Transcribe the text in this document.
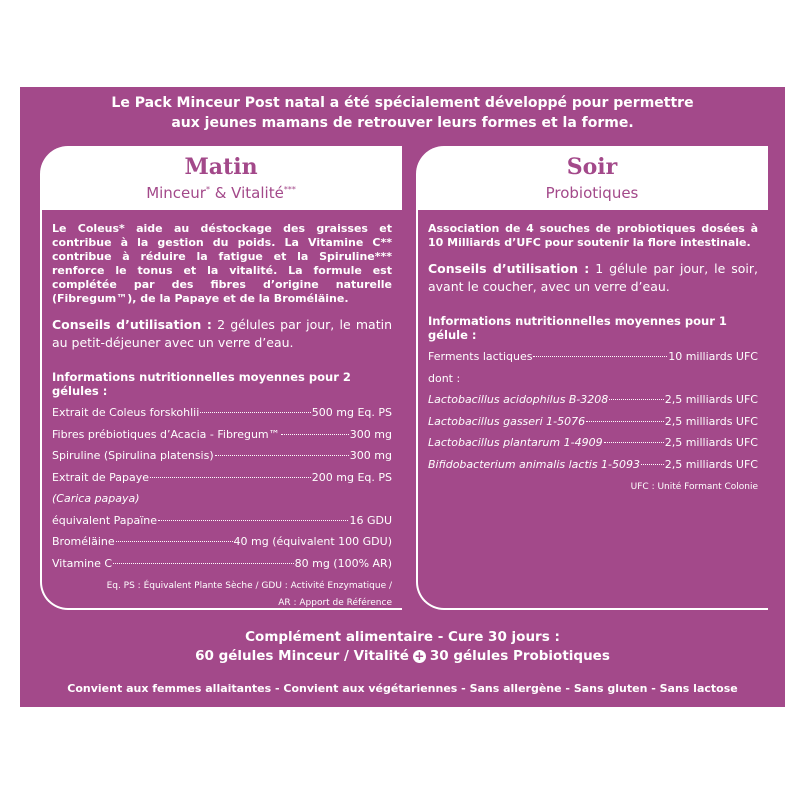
Le Pack Minceur Post natal a été spécialement développé pour permettre
aux jeunes mamans de retrouver leurs formes et la forme.
Matin
Minceur* & Vitalité***
Le Coleus* aide au déstockage des graisses et contribue à la gestion du poids. La Vitamine C** contribue à réduire la fatigue et la Spiruline*** renforce le tonus et la vitalité. La formule est complétée par des fibres d’origine naturelle (Fibregum™), de la Papaye et de la Broméläine.
Conseils d’utilisation : 2 gélules par jour, le matin au petit-déjeuner avec un verre d’eau.
Informations nutritionnelles moyennes pour 2 gélules :
Extrait de Coleus forskohlii	500 mg Eq. PS
Fibres prébiotiques d’Acacia - Fibregum™	300 mg
Spiruline (Spirulina platensis)	300 mg
Extrait de Papaye	200 mg Eq. PS
(Carica papaya)
équivalent Papaïne	16 GDU
Broméläine	40 mg (équivalent 100 GDU)
Vitamine C	80 mg (100% AR)
Eq. PS : Équivalent Plante Sèche / GDU : Activité Enzymatique /
AR : Apport de Référence
Soir
Probiotiques
Association de 4 souches de probiotiques dosées à 10 Milliards d’UFC pour soutenir la flore intestinale.
Conseils d’utilisation : 1 gélule par jour, le soir, avant le coucher, avec un verre d’eau.
Informations nutritionnelles moyennes pour 1 gélule :
Ferments lactiques	10 milliards UFC
dont :
Lactobacillus acidophilus B-3208	2,5 milliards UFC
Lactobacillus gasseri 1-5076	2,5 milliards UFC
Lactobacillus plantarum 1-4909	2,5 milliards UFC
Bifidobacterium animalis lactis 1-5093 2,5 milliards UFC
UFC : Unité Formant Colonie
Complément alimentaire - Cure 30 jours :
60 gélules Minceur / Vitalité + 30 gélules Probiotiques
Convient aux femmes allaitantes - Convient aux végétariennes - Sans allergène - Sans gluten - Sans lactose
